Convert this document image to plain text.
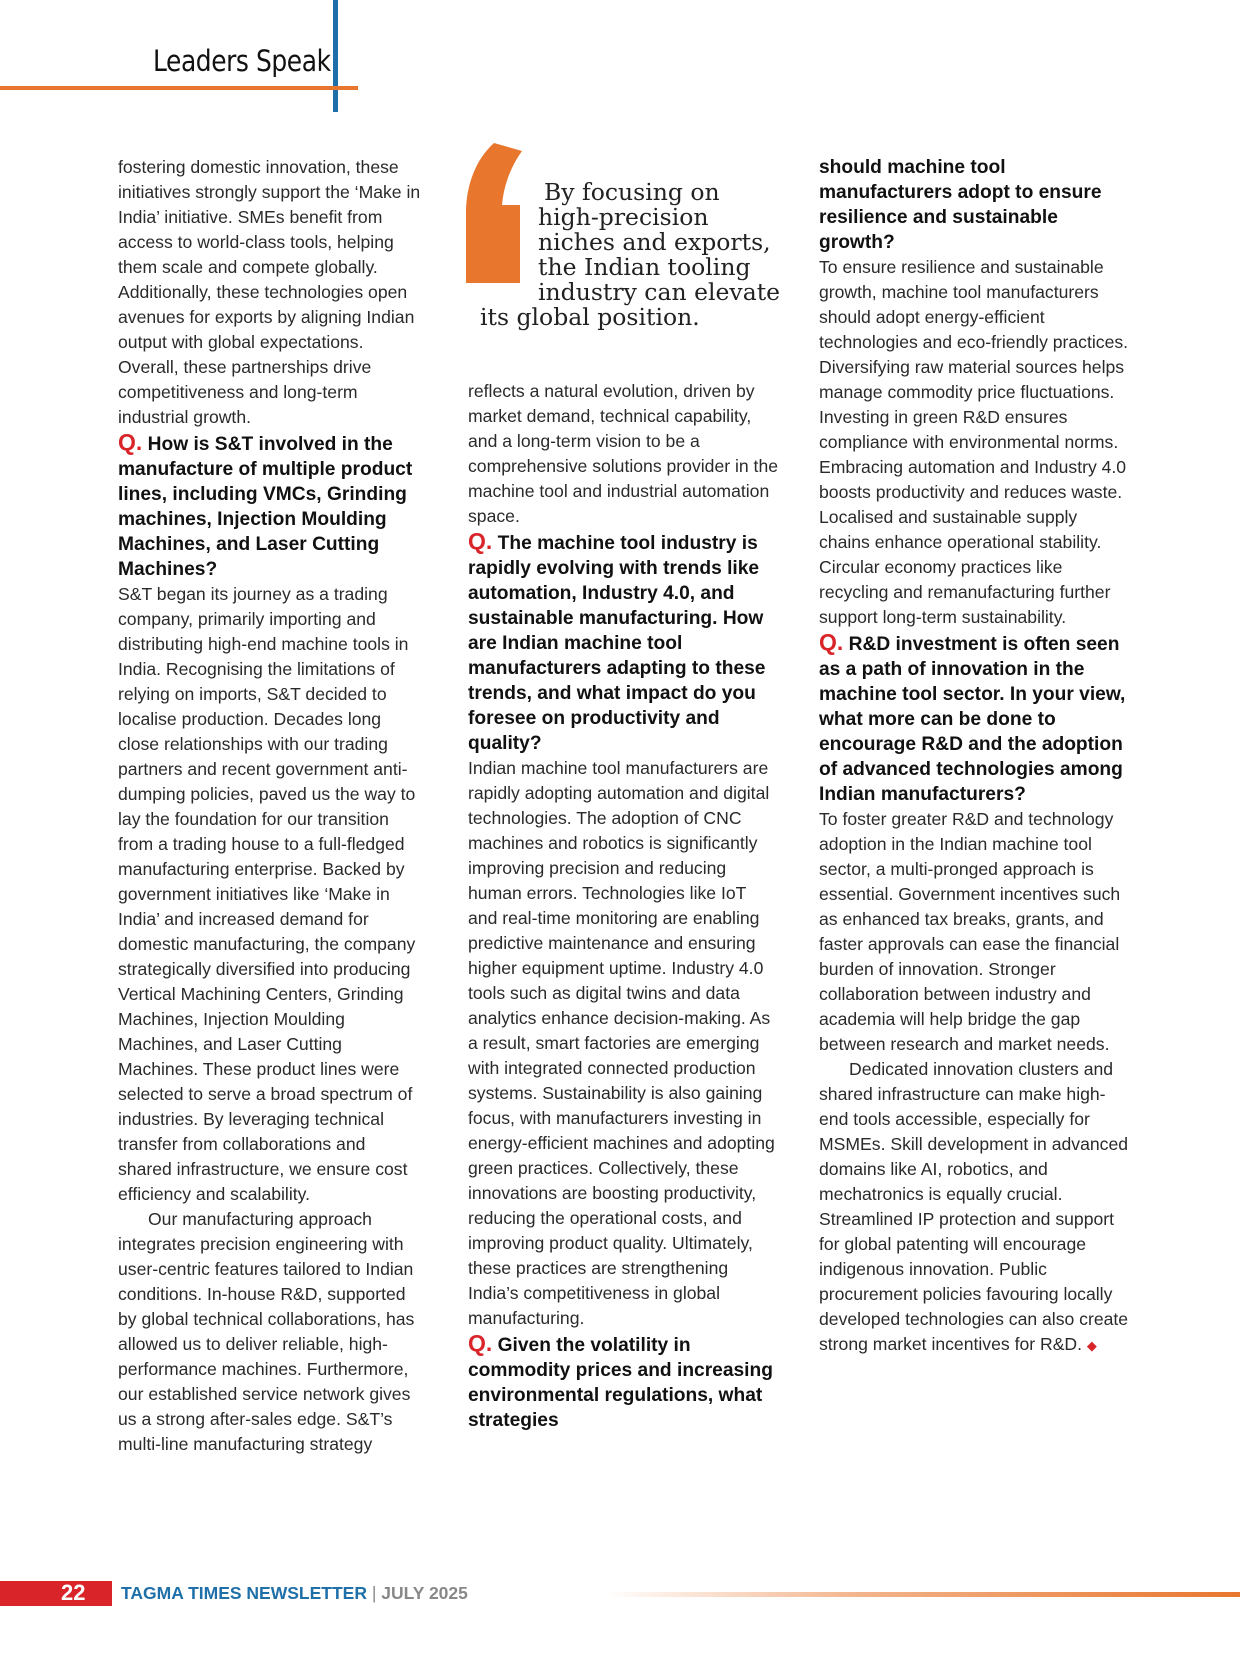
Leaders Speak

fostering domestic innovation, these initiatives strongly support the ‘Make in India’ initiative. SMEs benefit from access to world-class tools, helping them scale and compete globally. Additionally, these technologies open avenues for exports by aligning Indian output with global expectations. Overall, these partnerships drive competitiveness and long-term industrial growth.

Q. How is S&T involved in the manufacture of multiple product lines, including VMCs, Grinding machines, Injection Moulding Machines, and Laser Cutting Machines?

S&T began its journey as a trading company, primarily importing and distributing high-end machine tools in India. Recognising the limitations of relying on imports, S&T decided to localise production. Decades long close relationships with our trading partners and recent government anti-dumping policies, paved us the way to lay the foundation for our transition from a trading house to a full-fledged manufacturing enterprise. Backed by government initiatives like ‘Make in India’ and increased demand for domestic manufacturing, the company strategically diversified into producing Vertical Machining Centers, Grinding Machines, Injection Moulding Machines, and Laser Cutting Machines. These product lines were selected to serve a broad spectrum of industries. By leveraging technical transfer from collaborations and shared infrastructure, we ensure cost efficiency and scalability.

Our manufacturing approach integrates precision engineering with user-centric features tailored to Indian conditions. In-house R&D, supported by global technical collaborations, has allowed us to deliver reliable, high-performance machines. Furthermore, our established service network gives us a strong after-sales edge. S&T’s multi-line manufacturing strategy

By focusing on
high-precision
niches and exports,
the Indian tooling
industry can elevate
its global position.

reflects a natural evolution, driven by market demand, technical capability, and a long-term vision to be a comprehensive solutions provider in the machine tool and industrial automation space.

Q. The machine tool industry is rapidly evolving with trends like automation, Industry 4.0, and sustainable manufacturing. How are Indian machine tool manufacturers adapting to these trends, and what impact do you foresee on productivity and quality?

Indian machine tool manufacturers are rapidly adopting automation and digital technologies. The adoption of CNC machines and robotics is significantly improving precision and reducing human errors. Technologies like IoT and real-time monitoring are enabling predictive maintenance and ensuring higher equipment uptime. Industry 4.0 tools such as digital twins and data analytics enhance decision-making. As a result, smart factories are emerging with integrated connected production systems. Sustainability is also gaining focus, with manufacturers investing in energy-efficient machines and adopting green practices. Collectively, these innovations are boosting productivity, reducing the operational costs, and improving product quality. Ultimately, these practices are strengthening India’s competitiveness in global manufacturing.

Q. Given the volatility in commodity prices and increasing environmental regulations, what strategies

should machine tool manufacturers adopt to ensure resilience and sustainable growth?

To ensure resilience and sustainable growth, machine tool manufacturers should adopt energy-efficient technologies and eco-friendly practices. Diversifying raw material sources helps manage commodity price fluctuations. Investing in green R&D ensures compliance with environmental norms. Embracing automation and Industry 4.0 boosts productivity and reduces waste. Localised and sustainable supply chains enhance operational stability. Circular economy practices like recycling and remanufacturing further support long-term sustainability.

Q. R&D investment is often seen as a path of innovation in the machine tool sector. In your view, what more can be done to encourage R&D and the adoption of advanced technologies among Indian manufacturers?

To foster greater R&D and technology adoption in the Indian machine tool sector, a multi-pronged approach is essential. Government incentives such as enhanced tax breaks, grants, and faster approvals can ease the financial burden of innovation. Stronger collaboration between industry and academia will help bridge the gap between research and market needs.

Dedicated innovation clusters and shared infrastructure can make high-end tools accessible, especially for MSMEs. Skill development in advanced domains like AI, robotics, and mechatronics is equally crucial. Streamlined IP protection and support for global patenting will encourage indigenous innovation. Public procurement policies favouring locally developed technologies can also create strong market incentives for R&D. ◆

22 TAGMA TIMES NEWSLETTER | JULY 2025
